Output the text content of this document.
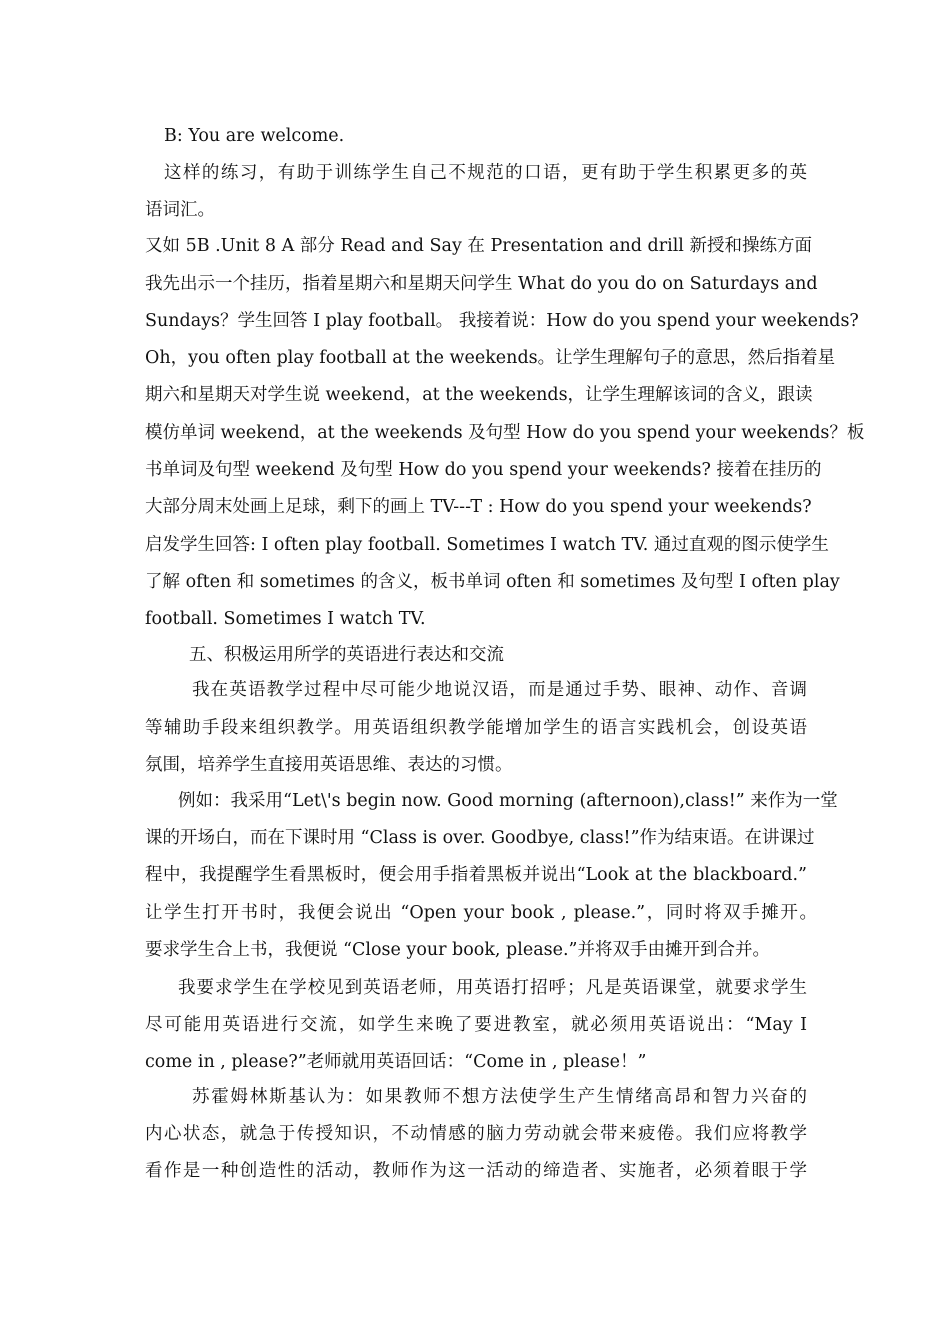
B: You are welcome.
这样的练习，有助于训练学生自己不规范的口语，更有助于学生积累更多的英
语词汇。
又如 5B .Unit 8 A 部分 Read and Say 在 Presentation and drill 新授和操练方面
我先出示一个挂历，指着星期六和星期天问学生 What do you do on Saturdays and
Sundays？学生回答 I play football。 我接着说：How do you spend your weekends?
Oh，you often play football at the weekends。让学生理解句子的意思，然后指着星
期六和星期天对学生说 weekend，at the weekends，让学生理解该词的含义，跟读
模仿单词 weekend，at the weekends 及句型 How do you spend your weekends？板
书单词及句型 weekend 及句型 How do you spend your weekends? 接着在挂历的
大部分周末处画上足球，剩下的画上 TV---T : How do you spend your weekends?
启发学生回答: I often play football. Sometimes I watch TV. 通过直观的图示使学生
了解 often 和 sometimes 的含义，板书单词 often 和 sometimes 及句型 I often play
football. Sometimes I watch TV.
五、积极运用所学的英语进行表达和交流
我在英语教学过程中尽可能少地说汉语，而是通过手势、眼神、动作、音调
等辅助手段来组织教学。用英语组织教学能增加学生的语言实践机会，创设英语
氛围，培养学生直接用英语思维、表达的习惯。
例如：我采用“Let\'s begin now. Good morning (afternoon),class!” 来作为一堂
课的开场白，而在下课时用 “Class is over. Goodbye, class!”作为结束语。在讲课过
程中，我提醒学生看黑板时，便会用手指着黑板并说出“Look at the blackboard.”
让学生打开书时，我便会说出 “Open your book , please.”，同时将双手摊开。
要求学生合上书，我便说 “Close your book, please.”并将双手由摊开到合并。
我要求学生在学校见到英语老师，用英语打招呼；凡是英语课堂，就要求学生
尽可能用英语进行交流，如学生来晚了要进教室，就必须用英语说出：“May I
come in , please?”老师就用英语回话：“Come in , please！”
苏霍姆林斯基认为：如果教师不想方法使学生产生情绪高昂和智力兴奋的
内心状态，就急于传授知识，不动情感的脑力劳动就会带来疲倦。我们应将教学
看作是一种创造性的活动，教师作为这一活动的缔造者、实施者，必须着眼于学
